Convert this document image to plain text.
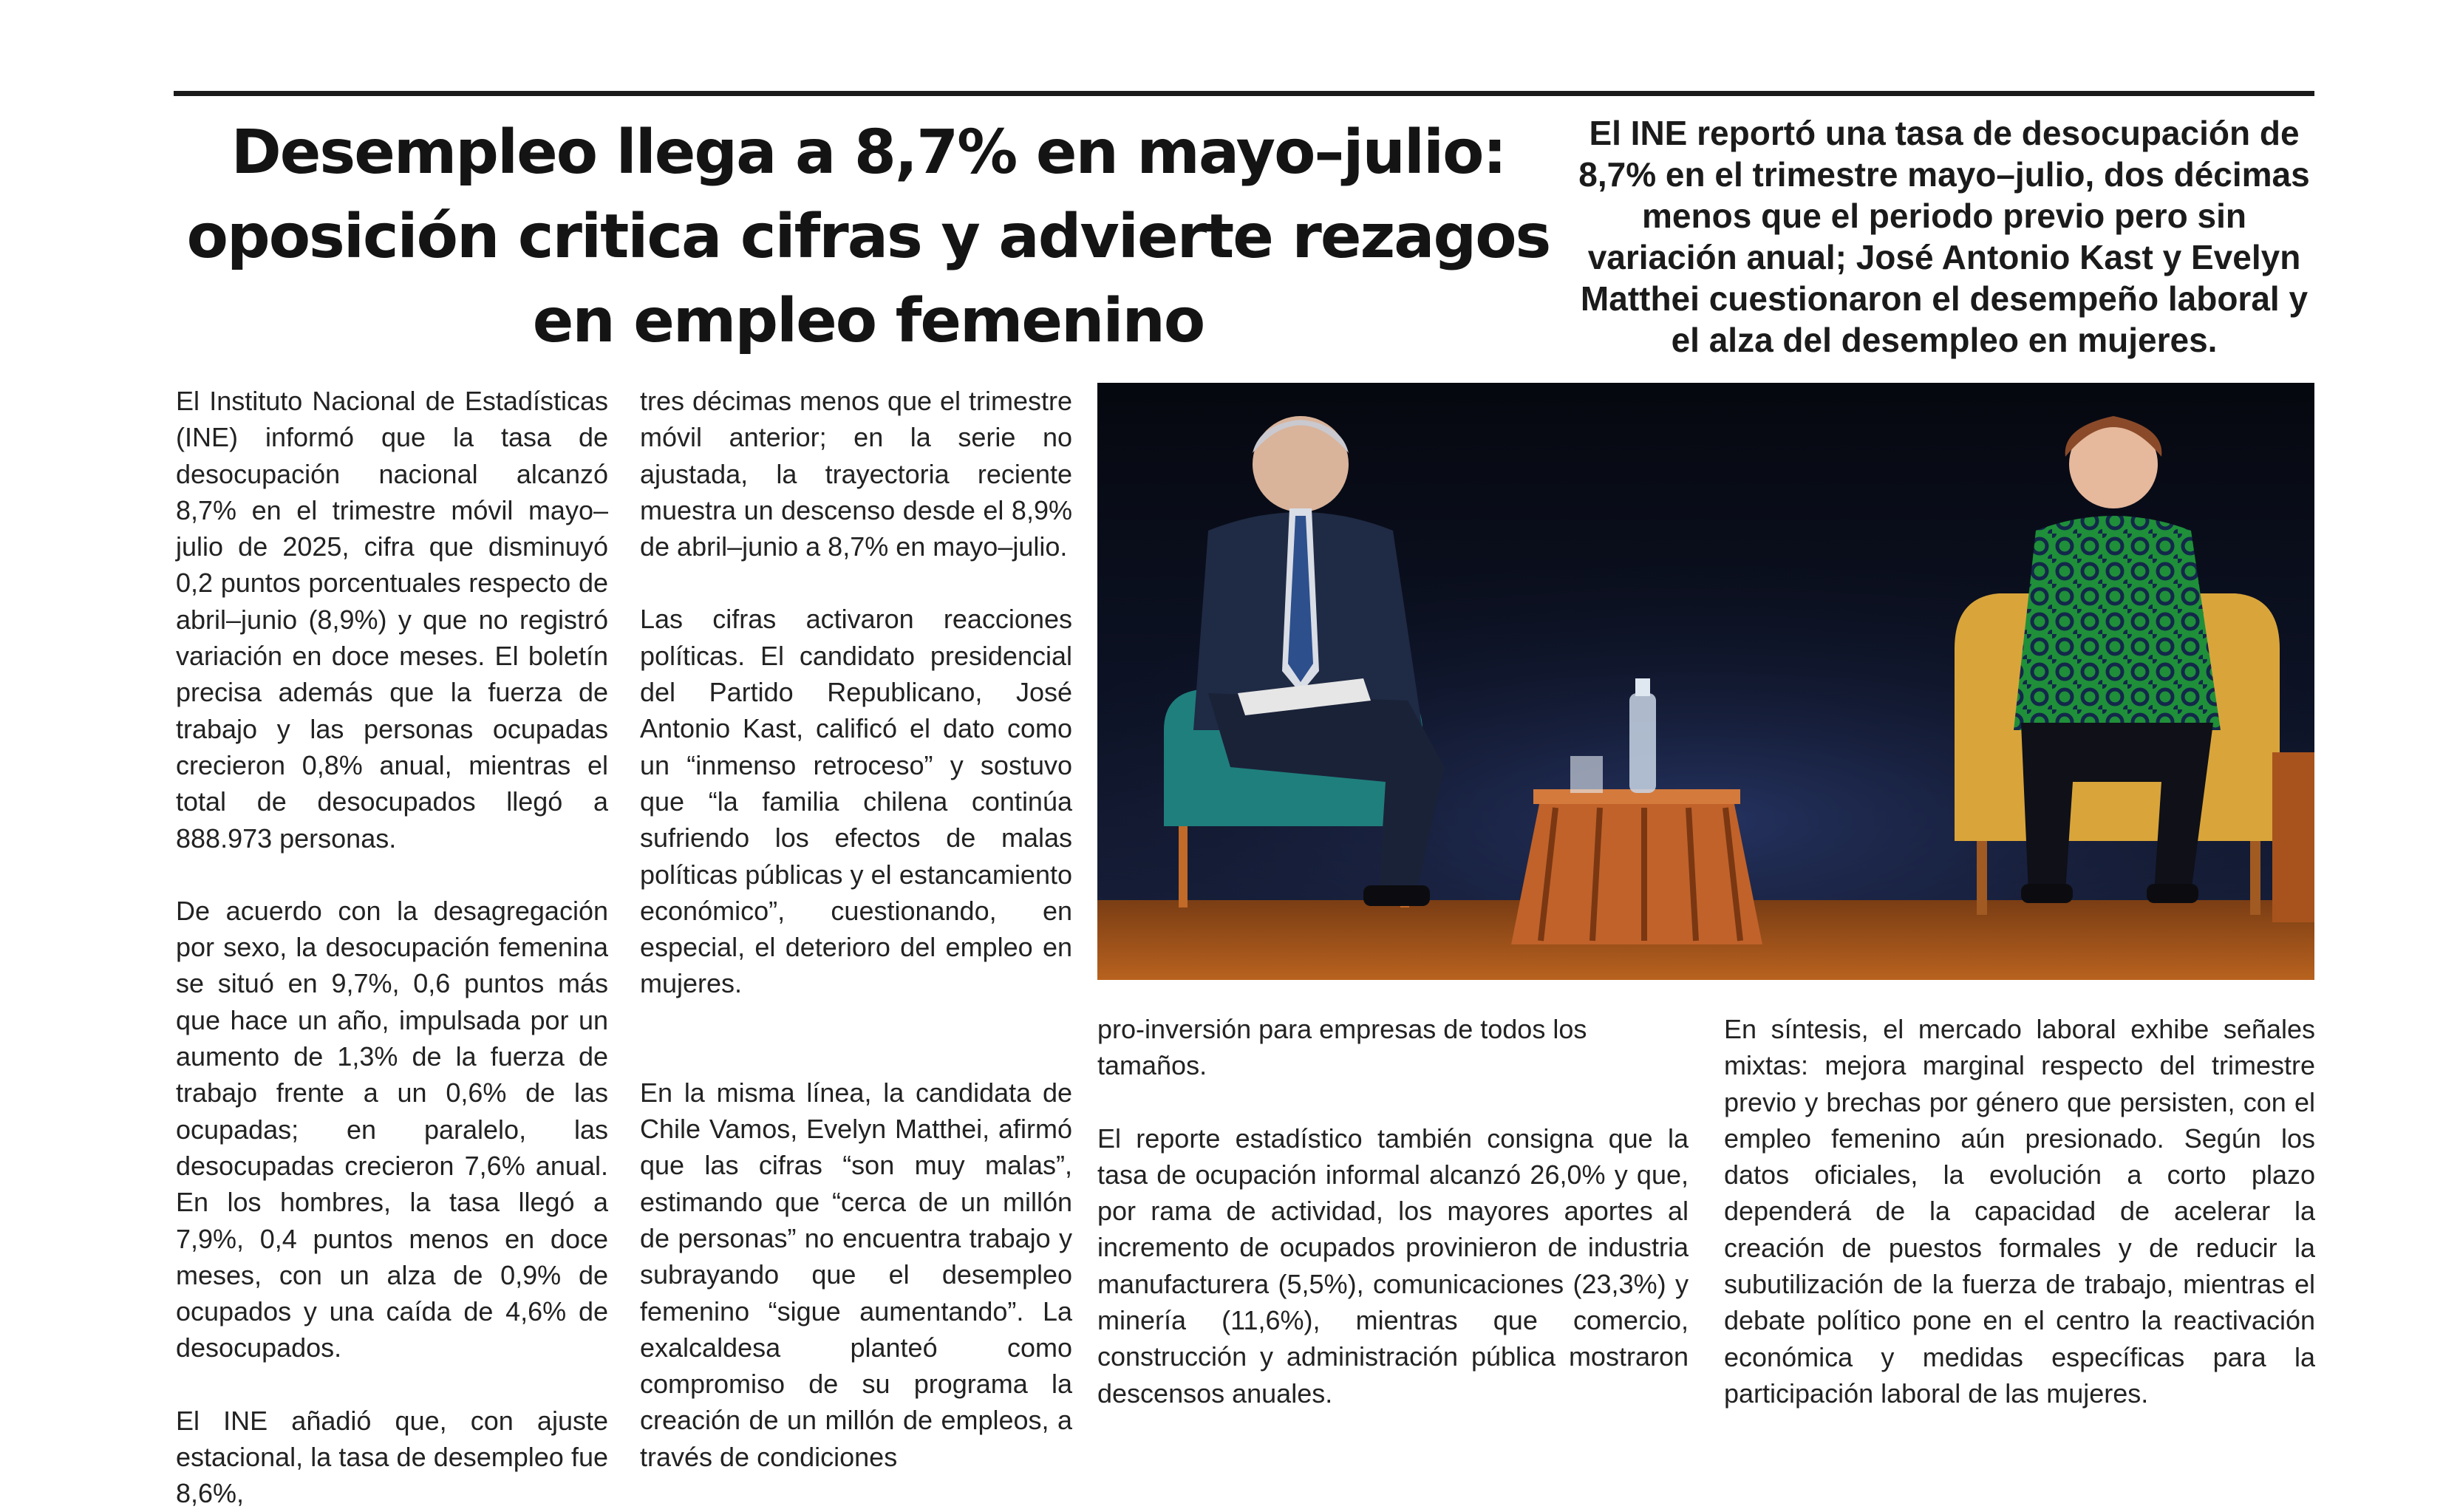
Desempleo llega a 8,7% en mayo–julio: oposición critica cifras y advierte rezagos en empleo femenino
El INE reportó una tasa de desocupación de 8,7% en el trimestre mayo–julio, dos décimas menos que el periodo previo pero sin variación anual; José Antonio Kast y Evelyn Matthei cuestionaron el desempeño laboral y el alza del desempleo en mujeres.

El Instituto Nacional de Estadísticas (INE) informó que la tasa de desocupación nacional alcanzó 8,7% en el trimestre móvil mayo–julio de 2025, cifra que disminuyó 0,2 puntos porcentuales respecto de abril–junio (8,9%) y que no registró variación en doce meses. El boletín precisa además que la fuerza de trabajo y las personas ocupadas crecieron 0,8% anual, mientras el total de desocupados llegó a 888.973 personas.

De acuerdo con la desagregación por sexo, la desocupación femenina se situó en 9,7%, 0,6 puntos más que hace un año, impulsada por un aumento de 1,3% de la fuerza de trabajo frente a un 0,6% de las ocupadas; en paralelo, las desocupadas crecieron 7,6% anual. En los hombres, la tasa llegó a 7,9%, 0,4 puntos menos en doce meses, con un alza de 0,9% de ocupados y una caída de 4,6% de desocupados.

El INE añadió que, con ajuste estacional, la tasa de desempleo fue 8,6%,

tres décimas menos que el trimestre móvil anterior; en la serie no ajustada, la trayectoria reciente muestra un descenso desde el 8,9% de abril–junio a 8,7% en mayo–julio.

Las cifras activaron reacciones políticas. El candidato presidencial del Partido Republicano, José Antonio Kast, calificó el dato como un “inmenso retroceso” y sostuvo que “la familia chilena continúa sufriendo los efectos de malas políticas públicas y el estancamiento económico”, cuestionando, en especial, el deterioro del empleo en mujeres.

En la misma línea, la candidata de Chile Vamos, Evelyn Matthei, afirmó que las cifras “son muy malas”, estimando que “cerca de un millón de personas” no encuentra trabajo y subrayando que el desempleo femenino “sigue aumentando”. La exalcaldesa planteó como compromiso de su programa la creación de un millón de empleos, a través de condiciones

pro-inversión para empresas de todos los tamaños.

El reporte estadístico también consigna que la tasa de ocupación informal alcanzó 26,0% y que, por rama de actividad, los mayores aportes al incremento de ocupados provinieron de industria manufacturera (5,5%), comunicaciones (23,3%) y minería (11,6%), mientras que comercio, construcción y administración pública mostraron descensos anuales.

En síntesis, el mercado laboral exhibe señales mixtas: mejora marginal respecto del trimestre previo y brechas por género que persisten, con el empleo femenino aún presionado. Según los datos oficiales, la evolución a corto plazo dependerá de la capacidad de acelerar la creación de puestos formales y de reducir la subutilización de la fuerza de trabajo, mientras el debate político pone en el centro la reactivación económica y medidas específicas para la participación laboral de las mujeres.
